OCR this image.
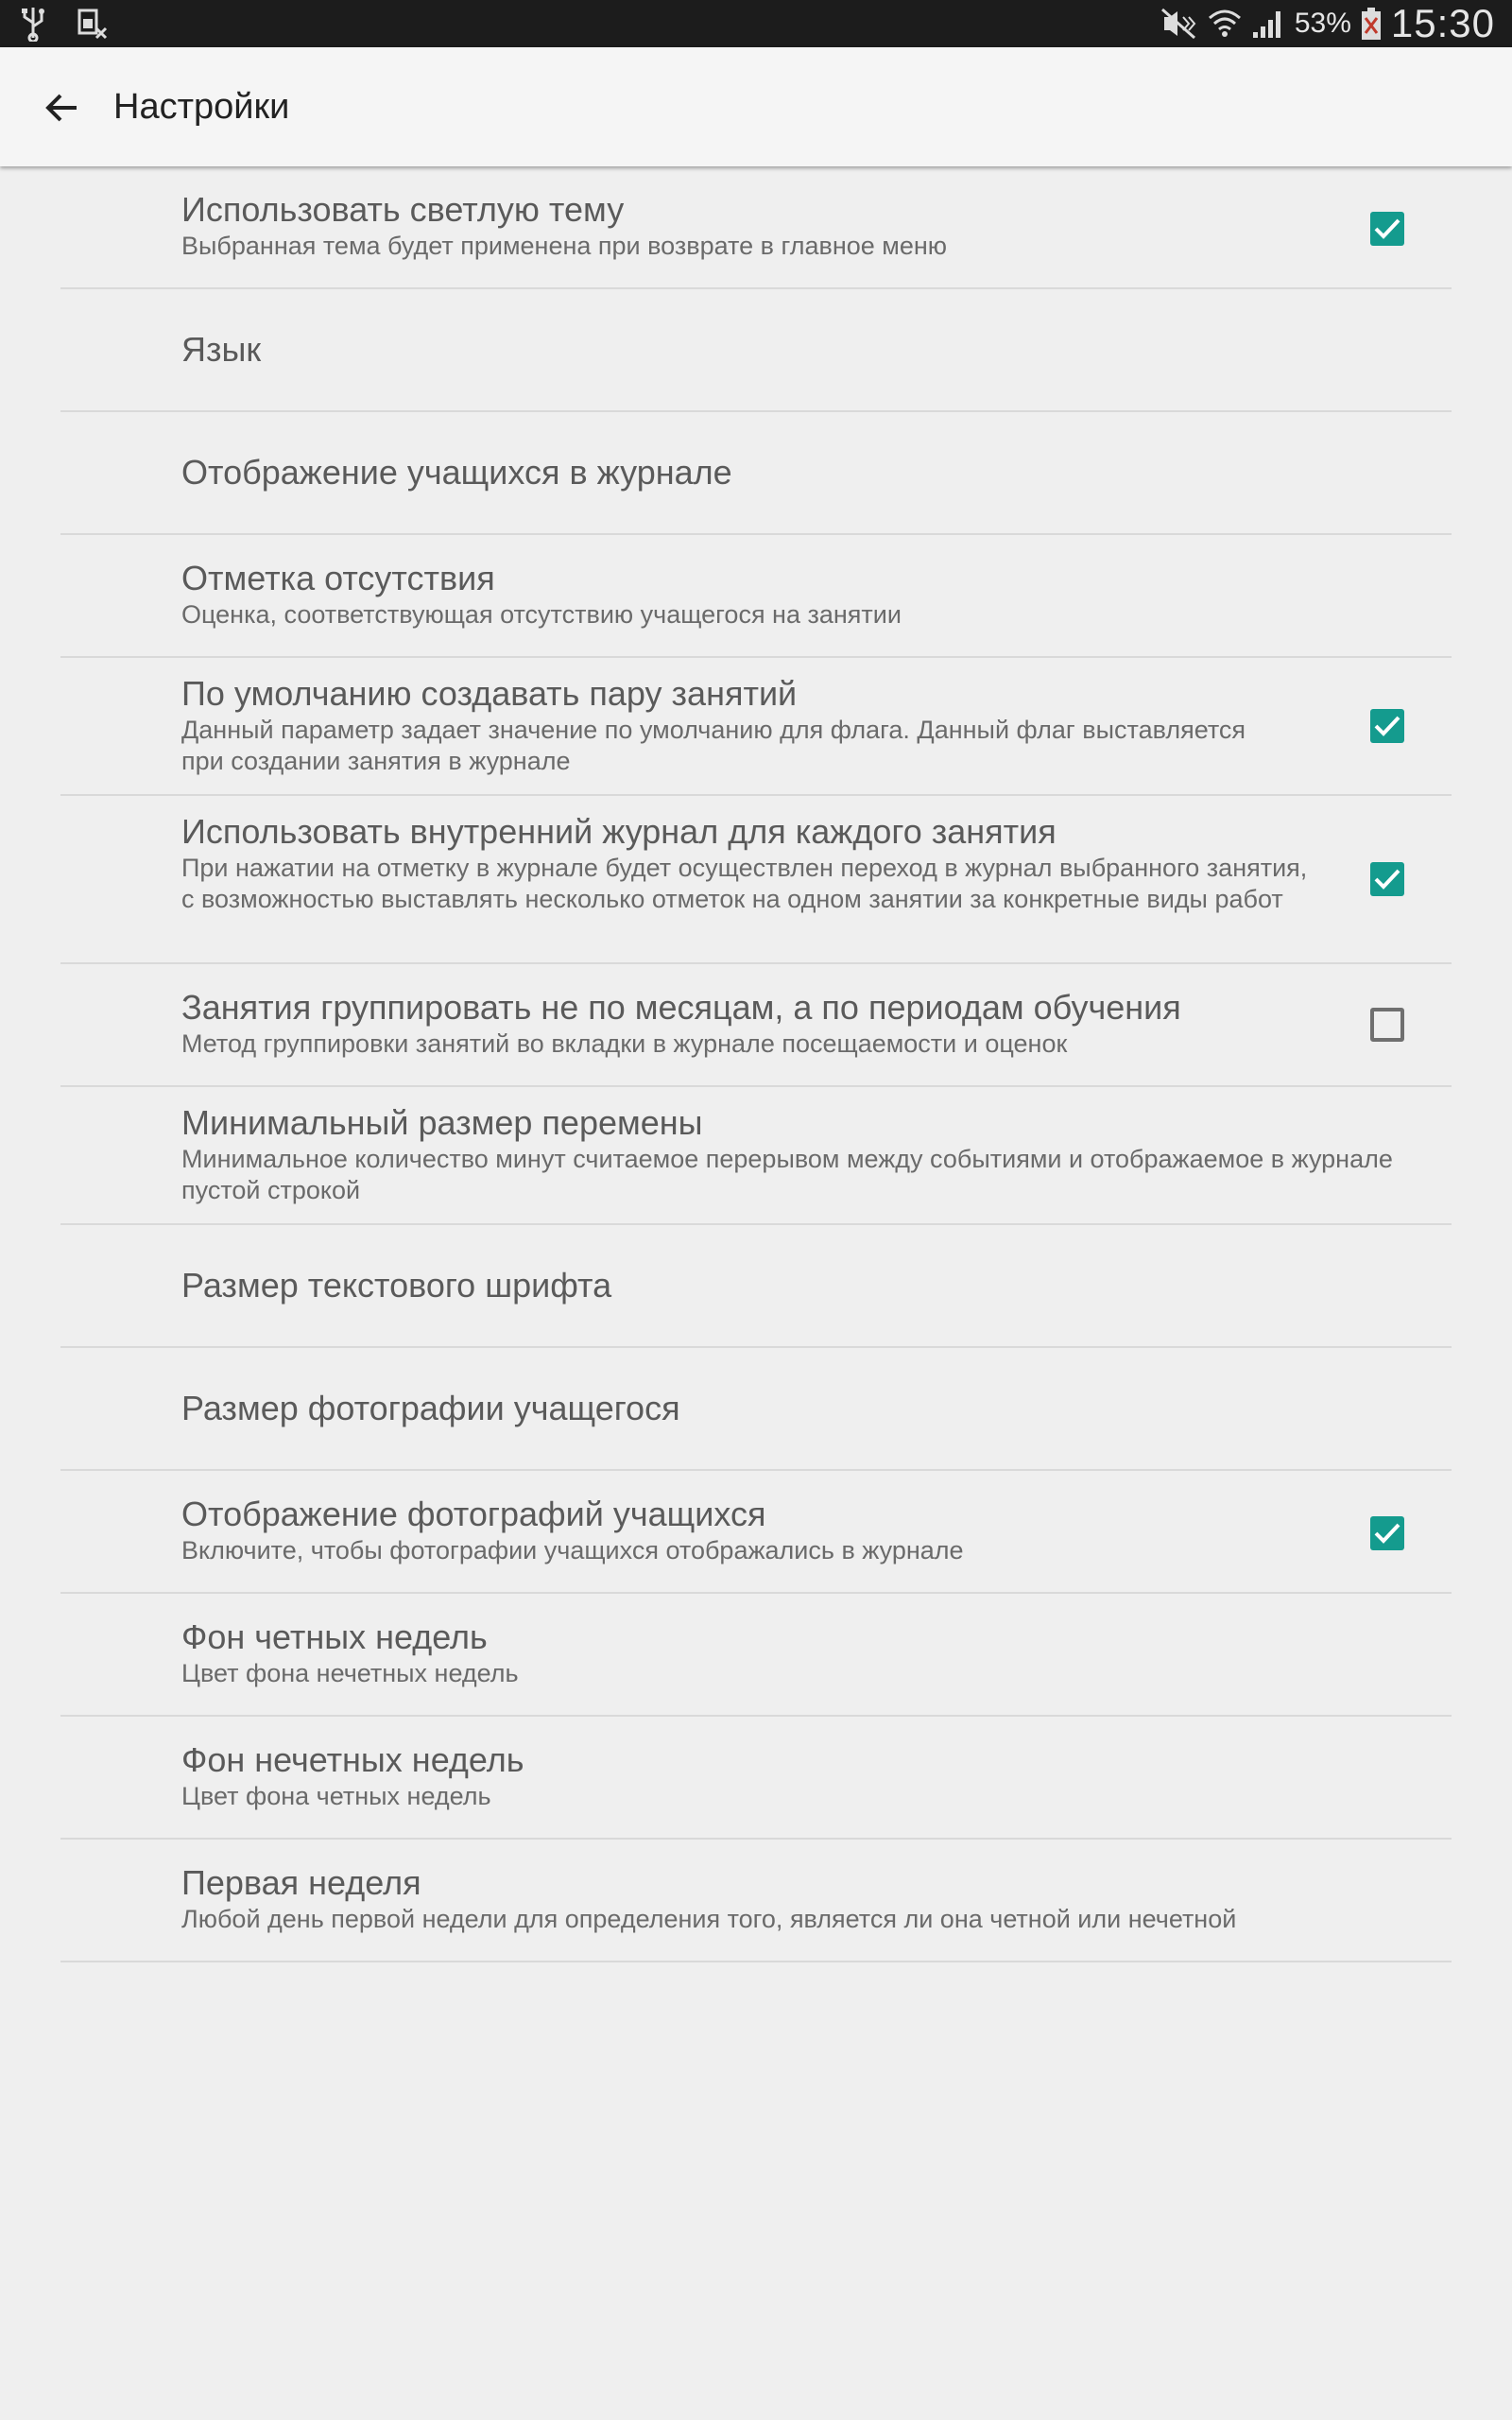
53% 15:30
Настройки
Использовать светлую тему
Выбранная тема будет применена при возврате в главное меню
Язык
Отображение учащихся в журнале
Отметка отсутствия
Оценка, соответствующая отсутствию учащегося на занятии
По умолчанию создавать пару занятий
Данный параметр задает значение по умолчанию для флага. Данный флаг выставляется при создании занятия в журнале
Использовать внутренний журнал для каждого занятия
При нажатии на отметку в журнале будет осуществлен переход в журнал выбранного занятия, с возможностью выставлять несколько отметок на одном занятии за конкретные виды работ
Занятия группировать не по месяцам, а по периодам обучения
Метод группировки занятий во вкладки в журнале посещаемости и оценок
Минимальный размер перемены
Минимальное количество минут считаемое перерывом между событиями и отображаемое в журнале пустой строкой
Размер текстового шрифта
Размер фотографии учащегося
Отображение фотографий учащихся
Включите, чтобы фотографии учащихся отображались в журнале
Фон четных недель
Цвет фона нечетных недель
Фон нечетных недель
Цвет фона четных недель
Первая неделя
Любой день первой недели для определения того, является ли она четной или нечетной
